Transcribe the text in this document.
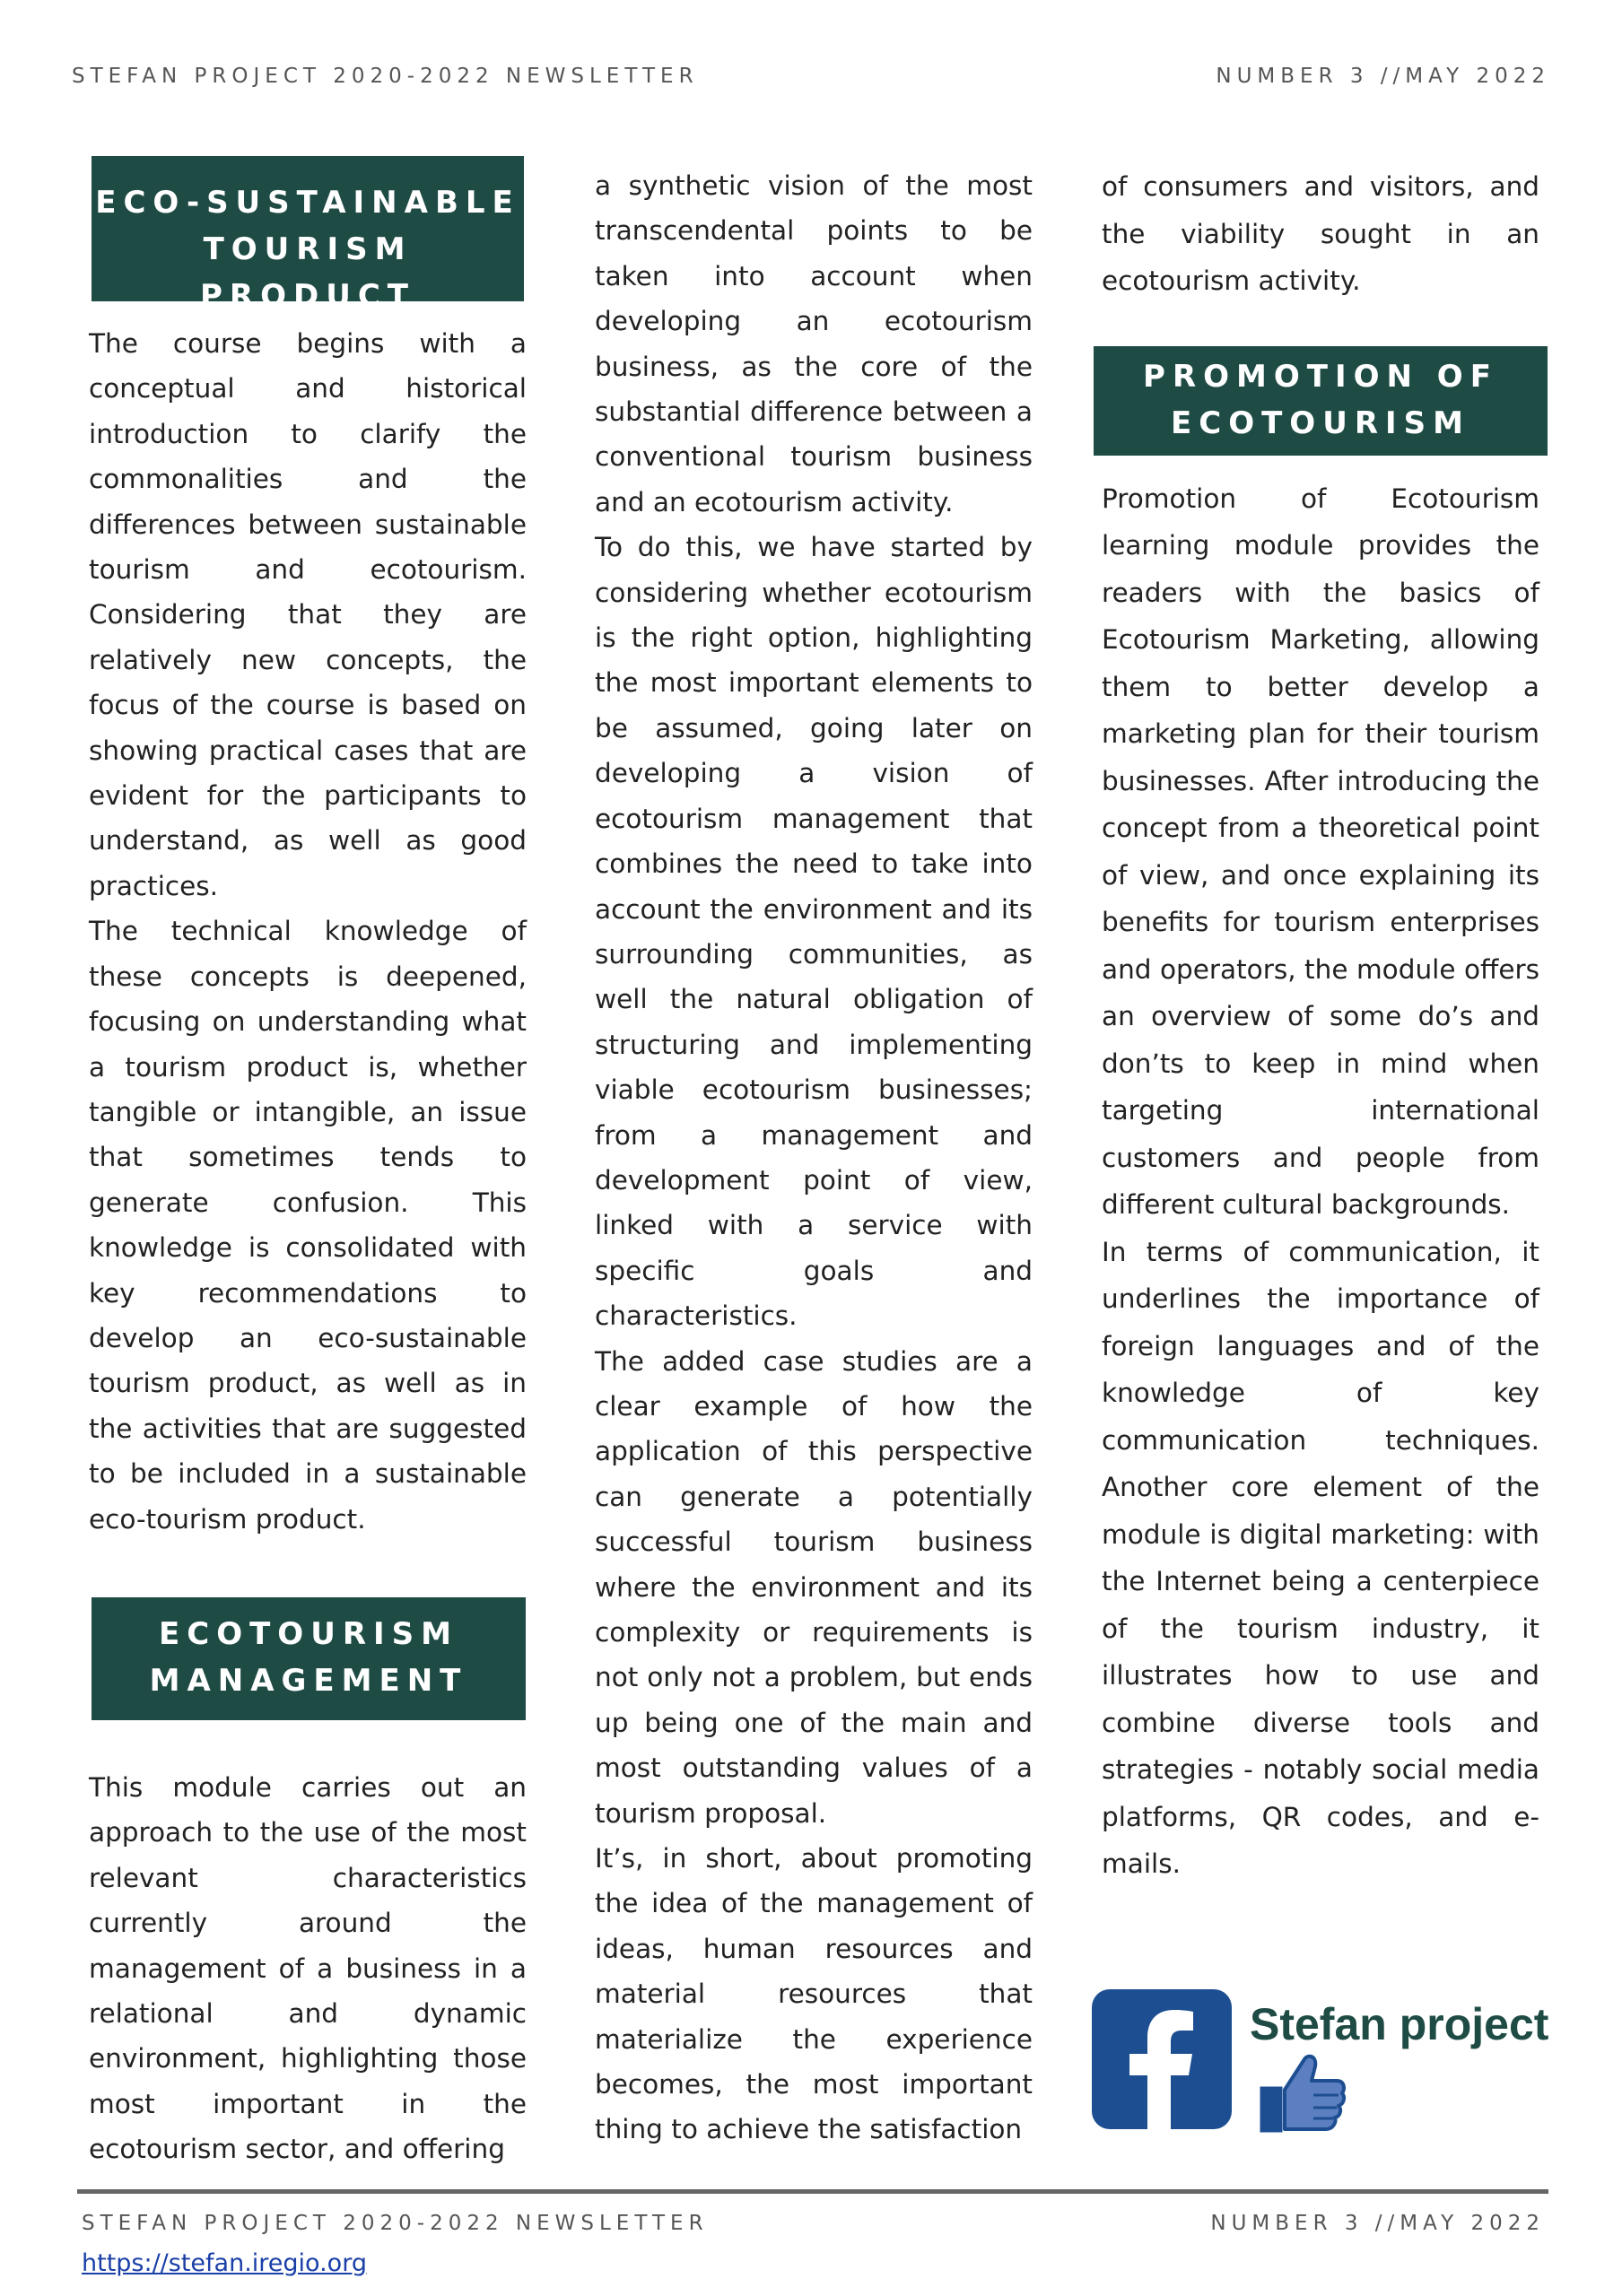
STEFAN PROJECT 2020-2022 NEWSLETTER	NUMBER 3 //MAY 2022
ECO-SUSTAINABLE TOURISM PRODUCT

The course begins with a conceptual and historical introduction to clarify the commonalities and the differences between sustainable tourism and ecotourism. Considering that they are relatively new concepts, the focus of the course is based on showing practical cases that are evident for the participants to understand, as well as good practices.

The technical knowledge of these concepts is deepened, focusing on understanding what a tourism product is, whether tangible or intangible, an issue that sometimes tends to generate confusion. This knowledge is consolidated with key recommendations to develop an eco-sustainable tourism product, as well as in the activities that are suggested to be included in a sustainable eco-tourism product.

ECOTOURISM MANAGEMENT

This module carries out an approach to the use of the most relevant characteristics currently around the management of a business in a relational and dynamic environment, highlighting those most important in the ecotourism sector, and offering

a synthetic vision of the most transcendental points to be taken into account when developing an ecotourism business, as the core of the substantial difference between a conventional tourism business and an ecotourism activity.

To do this, we have started by considering whether ecotourism is the right option, highlighting the most important elements to be assumed, going later on developing a vision of ecotourism management that combines the need to take into account the environment and its surrounding communities, as well the natural obligation of structuring and implementing viable ecotourism businesses; from a management and development point of view, linked with a service with specific goals and characteristics.

The added case studies are a clear example of how the application of this perspective can generate a potentially successful tourism business where the environment and its complexity or requirements is not only not a problem, but ends up being one of the main and most outstanding values of a tourism proposal.

It’s, in short, about promoting the idea of the management of ideas, human resources and material resources that materialize the experience becomes, the most important thing to achieve the satisfaction

of consumers and visitors, and the viability sought in an ecotourism activity.

PROMOTION OF ECOTOURISM

Promotion of Ecotourism learning module provides the readers with the basics of Ecotourism Marketing, allowing them to better develop a marketing plan for their tourism businesses. After introducing the concept from a theoretical point of view, and once explaining its benefits for tourism enterprises and operators, the module offers an overview of some do’s and don’ts to keep in mind when targeting international customers and people from different cultural backgrounds.

In terms of communication, it underlines the importance of foreign languages and of the knowledge of key communication techniques. Another core element of the module is digital marketing: with the Internet being a centerpiece of the tourism industry, it illustrates how to use and combine diverse tools and strategies - notably social media platforms, QR codes, and e-mails.

Stefan project
STEFAN PROJECT 2020-2022 NEWSLETTER	NUMBER 3 //MAY 2022
https://stefan.iregio.org
